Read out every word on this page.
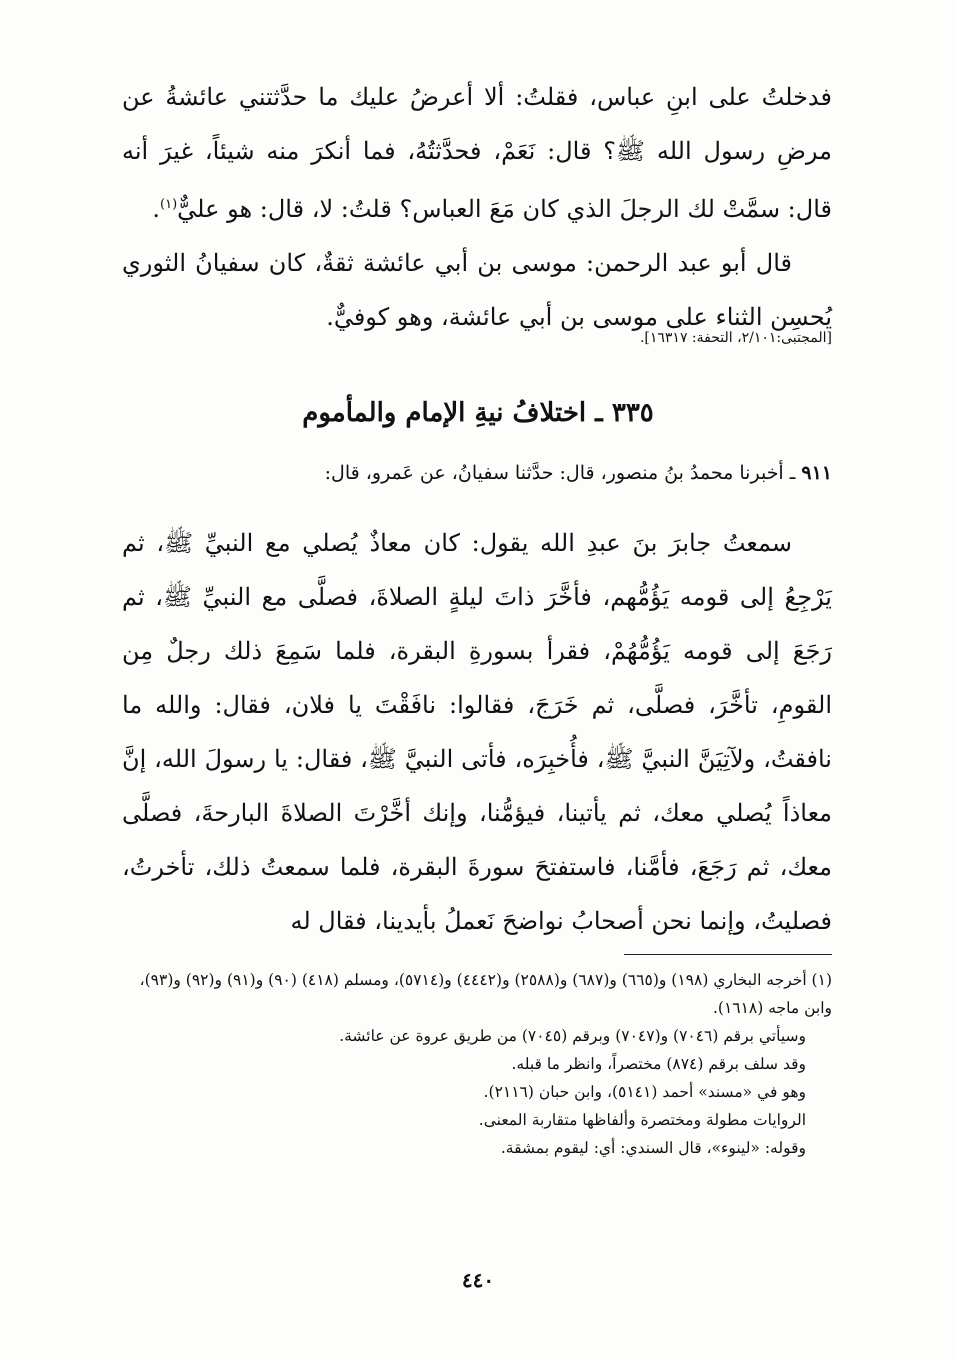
فدخلتُ على ابنِ عباس، فقلتُ: ألا أعرضُ عليك ما حدَّثتني عائشةُ عن مرضِ رسول الله ﷺ؟ قال: نَعَمْ، فحدَّثتُهُ، فما أنكرَ منه شيئاً، غيرَ أنه قال: سمَّتْ لك الرجلَ الذي كان مَعَ العباس؟ قلتُ: لا، قال: هو عليٌّ$^{(١)}$.

قال أبو عبد الرحمن: موسى بن أبي عائشة ثقةٌ، كان سفيانُ الثوري يُحسِن الثناء على موسى بن أبي عائشة، وهو كوفيٌّ.

[المجتبى:٢/١٠١، التحفة: ١٦٣١٧].
٣٣٥ ـ اختلافُ نيةِ الإمام والمأموم
٩١١ ـ أخبرنا محمدُ بنُ منصور، قال: حدَّثنا سفيانُ، عن عَمرو، قال:
سمعتُ جابرَ بنَ عبدِ الله يقول: كان معاذٌ يُصلي مع النبيِّ ﷺ، ثم يَرْجِعُ إلى قومه يَؤُمُّهم، فأخَّرَ ذاتَ ليلةٍ الصلاةَ، فصلَّى مع النبيِّ ﷺ، ثم رَجَعَ إلى قومه يَؤُمُّهُمْ، فقرأ بسورةِ البقرة، فلما سَمِعَ ذلك رجلٌ مِن القومِ، تأخَّرَ، فصلَّى، ثم خَرَجَ، فقالوا: نافَقْتَ يا فلان، فقال: والله ما نافقتُ، ولآتِيَنَّ النبيَّ ﷺ، فأُخبِرَه، فأتى النبيَّ ﷺ، فقال: يا رسولَ الله، إنَّ معاذاً يُصلي معك، ثم يأتينا، فيؤمُّنا، وإنك أخَّرْتَ الصلاةَ البارحةَ، فصلَّى معك، ثم رَجَعَ، فأمَّنا، فاستفتحَ سورةَ البقرة، فلما سمعتُ ذلك، تأخرتُ، فصليتُ، وإنما نحن أصحابُ نواضحَ نَعملُ بأيدينا، فقال له

(١) أخرجه البخاري (١٩٨) و(٦٦٥) و(٦٨٧) و(٢٥٨٨) و(٤٤٤٢) و(٥٧١٤)، ومسلم (٤١٨) (٩٠) و(٩١) و(٩٢) و(٩٣)، وابن ماجه (١٦١٨).

وسيأتي برقم (٧٠٤٦) و(٧٠٤٧) وبرقم (٧٠٤٥) من طريق عروة عن عائشة.

وقد سلف برقم (٨٧٤) مختصراً، وانظر ما قبله.

وهو في «مسند» أحمد (٥١٤١)، وابن حبان (٢١١٦).

الروايات مطولة ومختصرة وألفاظها متقاربة المعنى.

وقوله: «لينوء»، قال السندي: أي: ليقوم بمشقة.

٤٤٠
